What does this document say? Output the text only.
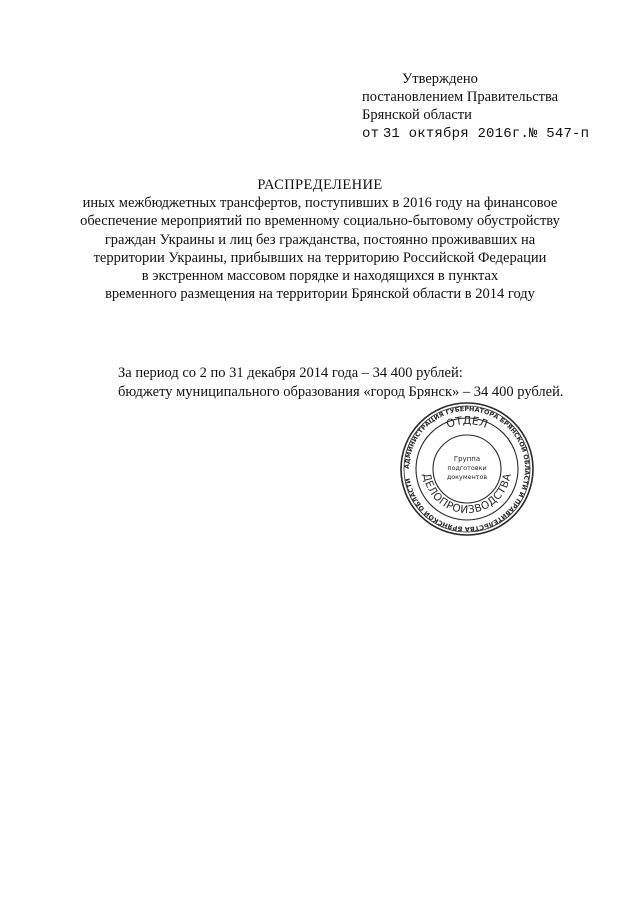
Утверждено
постановлением Правительства
Брянской области
от 31 октября 2016г.№ 547-п
РАСПРЕДЕЛЕНИЕ
иных межбюджетных трансфертов, поступивших в 2016 году на финансовое
обеспечение мероприятий по временному социально-бытовому обустройству
граждан Украины и лиц без гражданства, постоянно проживавших на
территории Украины, прибывших на территорию Российской Федерации
в экстренном массовом порядке и находящихся в пунктах
временного размещения на территории Брянской области в 2014 году
За период со 2 по 31 декабря 2014 года – 34 400 рублей:
бюджету муниципального образования «город Брянск» – 34 400 рублей.
АДМИНИСТРАЦИЯ ГУБЕРНАТОРА БРЯНСКОЙ ОБЛАСТИ И ПРАВИТЕЛЬСТВА БРЯНСКОЙ ОБЛАСТИ
ОТДЕЛ
ДЕЛОПРОИЗВОДСТВА
Группа
подготовки
документов
